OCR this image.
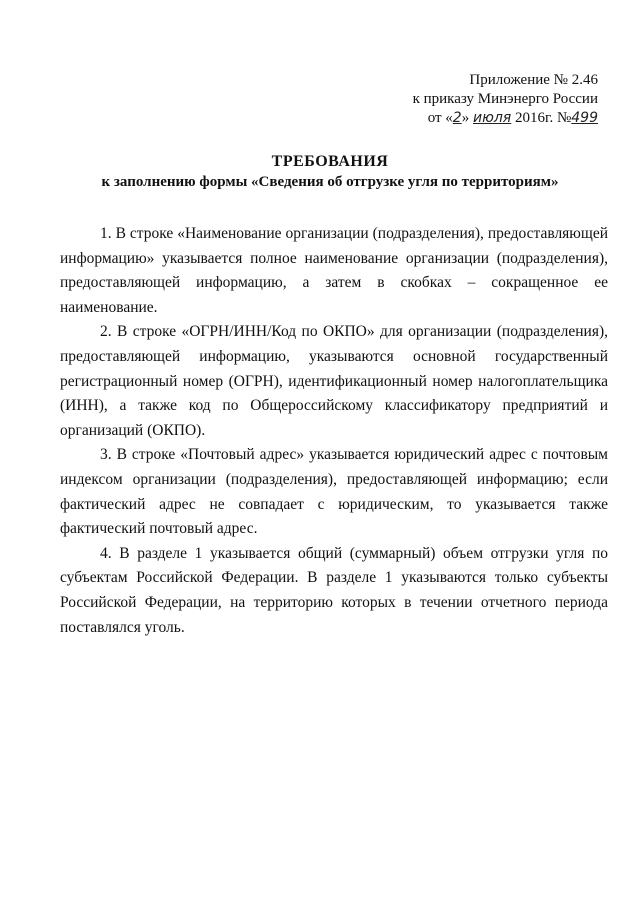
Приложение № 2.46
к приказу Минэнерго России
от «2» июля 2016г. №499
ТРЕБОВАНИЯ
к заполнению формы «Сведения об отгрузке угля по территориям»

1. В строке «Наименование организации (подразделения), предоставляющей информацию» указывается полное наименование организации (подразделения), предоставляющей информацию, а затем в скобках – сокращенное ее наименование.

2. В строке «ОГРН/ИНН/Код по ОКПО» для организации (подразделения), предоставляющей информацию, указываются основной государственный регистрационный номер (ОГРН), идентификационный номер налогоплательщика (ИНН), а также код по Общероссийскому классификатору предприятий и организаций (ОКПО).

3. В строке «Почтовый адрес» указывается юридический адрес с почтовым индексом организации (подразделения), предоставляющей информацию; если фактический адрес не совпадает с юридическим, то указывается также фактический почтовый адрес.

4. В разделе 1 указывается общий (суммарный) объем отгрузки угля по субъектам Российской Федерации. В разделе 1 указываются только субъекты Российской Федерации, на территорию которых в течении отчетного периода поставлялся уголь.
